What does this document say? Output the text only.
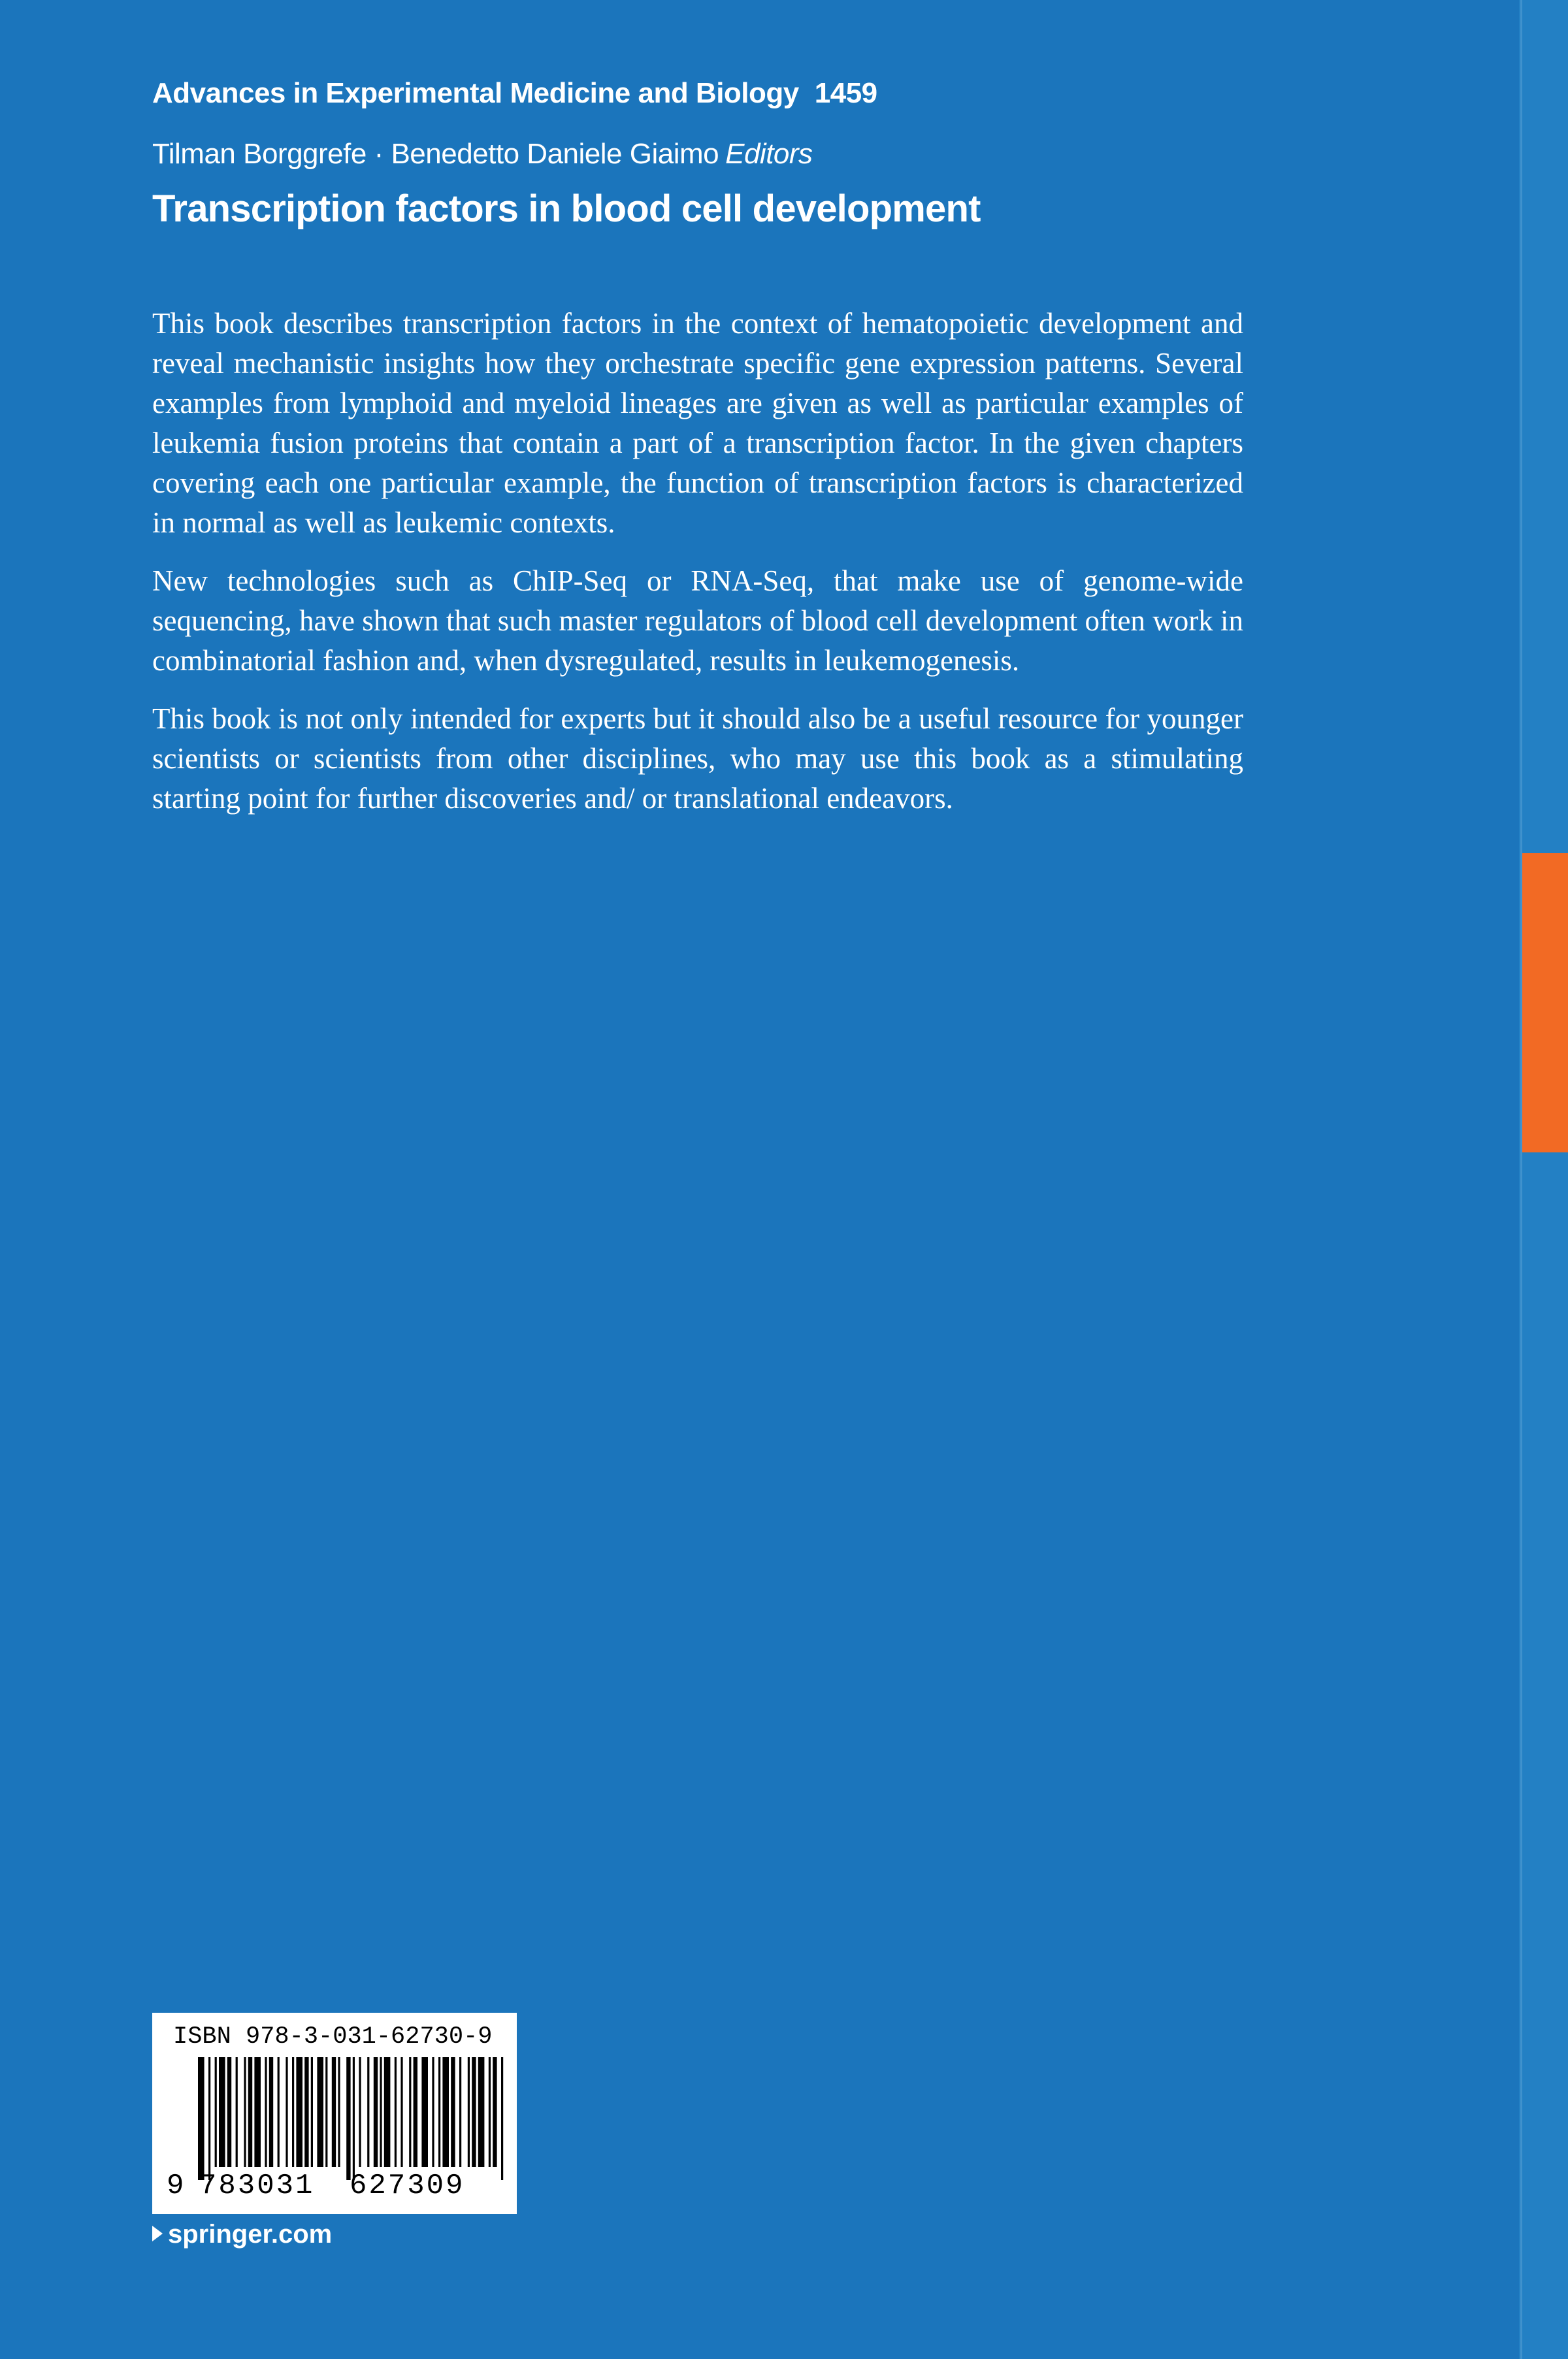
Advances in Experimental Medicine and Biology 1459
Tilman Borggrefe · Benedetto Daniele Giaimo Editors
Transcription factors in blood cell development

This book describes transcription factors in the context of hematopoietic development and reveal mechanistic insights how they orchestrate specific gene expression patterns. Several examples from lymphoid and myeloid lineages are given as well as particular examples of leukemia fusion proteins that contain a part of a transcription factor. In the given chapters covering each one particular example, the function of transcription factors is characterized in normal as well as leukemic contexts.

New technologies such as ChIP-Seq or RNA-Seq, that make use of genome-wide sequencing, have shown that such master regulators of blood cell development often work in combinatorial fashion and, when dysregulated, results in leukemogenesis.

This book is not only intended for experts but it should also be a useful resource for younger scientists or scientists from other disciplines, who may use this book as a stimulating starting point for further discoveries and/ or translational endeavors.

ISBN 978-3-031-62730-9
9 783031 627309
springer.com
